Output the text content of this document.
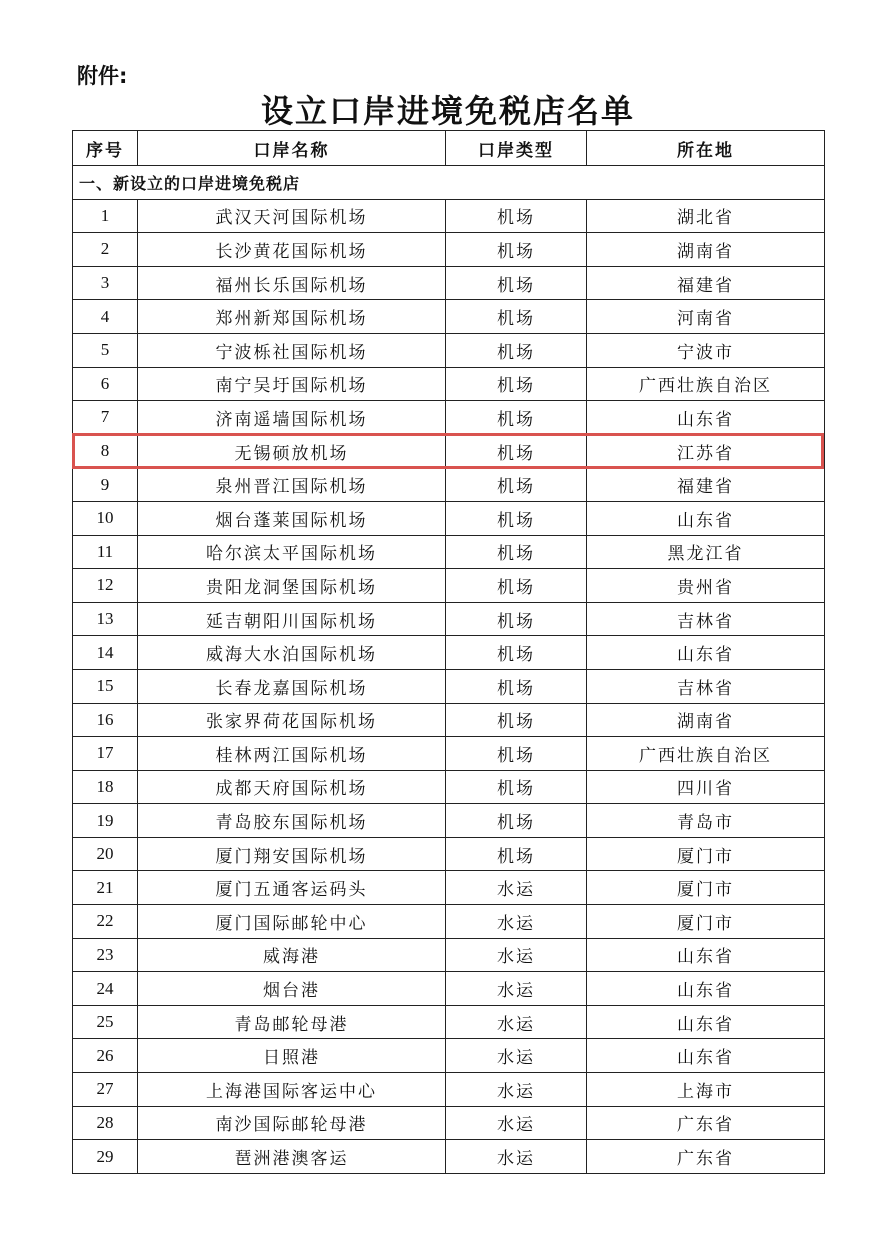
附件:
设立口岸进境免税店名单
序号	口岸名称	口岸类型	所在地
一、新设立的口岸进境免税店			
1	武汉天河国际机场	机场	湖北省
2	长沙黄花国际机场	机场	湖南省
3	福州长乐国际机场	机场	福建省
4	郑州新郑国际机场	机场	河南省
5	宁波栎社国际机场	机场	宁波市
6	南宁吴圩国际机场	机场	广西壮族自治区
7	济南遥墙国际机场	机场	山东省
8	无锡硕放机场	机场	江苏省
9	泉州晋江国际机场	机场	福建省
10	烟台蓬莱国际机场	机场	山东省
11	哈尔滨太平国际机场	机场	黑龙江省
12	贵阳龙洞堡国际机场	机场	贵州省
13	延吉朝阳川国际机场	机场	吉林省
14	威海大水泊国际机场	机场	山东省
15	长春龙嘉国际机场	机场	吉林省
16	张家界荷花国际机场	机场	湖南省
17	桂林两江国际机场	机场	广西壮族自治区
18	成都天府国际机场	机场	四川省
19	青岛胶东国际机场	机场	青岛市
20	厦门翔安国际机场	机场	厦门市
21	厦门五通客运码头	水运	厦门市
22	厦门国际邮轮中心	水运	厦门市
23	威海港	水运	山东省
24	烟台港	水运	山东省
25	青岛邮轮母港	水运	山东省
26	日照港	水运	山东省
27	上海港国际客运中心	水运	上海市
28	南沙国际邮轮母港	水运	广东省
29	琶洲港澳客运	水运	广东省
